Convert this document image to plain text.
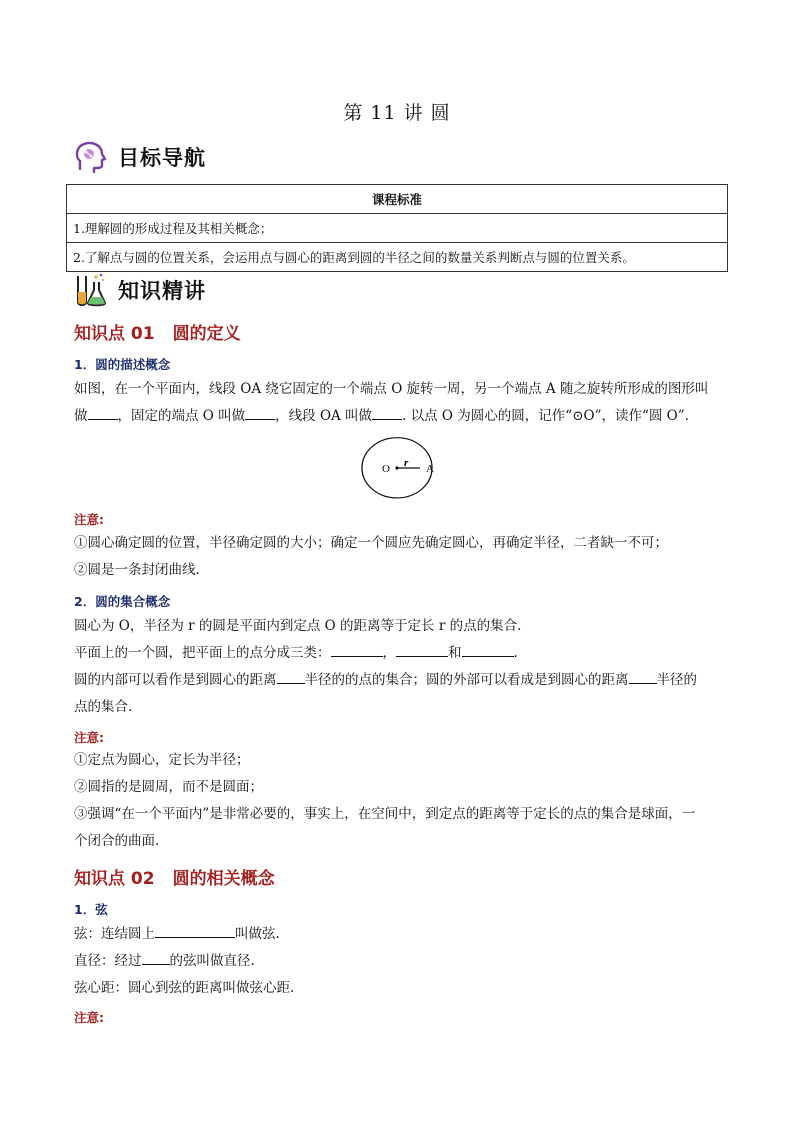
第 11 讲 圆
目标导航
课程标准
1.理解圆的形成过程及其相关概念；
2.了解点与圆的位置关系，会运用点与圆心的距离到圆的半径之间的数量关系判断点与圆的位置关系。
知识精讲
知识点 01 圆的定义
1．圆的描述概念
如图，在一个平面内，线段 OA 绕它固定的一个端点 O 旋转一周，另一个端点 A 随之旋转所形成的图形叫
做 ，固定的端点 O 叫做 ，线段 OA 叫做 . 以点 O 为圆心的圆，记作“⊙O”，读作“圆 O”.
O r A
注意:
①圆心确定圆的位置，半径确定圆的大小；确定一个圆应先确定圆心，再确定半径，二者缺一不可；
②圆是一条封闭曲线.
2．圆的集合概念
圆心为 O，半径为 r 的圆是平面内到定点 O 的距离等于定长 r 的点的集合.
平面上的一个圆，把平面上的点分成三类：	，	和	.
圆的内部可以看作是到圆心的距离 半径的的点的集合；圆的外部可以看成是到圆心的距离 半径的
点的集合.
注意:
①定点为圆心，定长为半径；
②圆指的是圆周，而不是圆面；
③强调“在一个平面内”是非常必要的，事实上，在空间中，到定点的距离等于定长的点的集合是球面，一
个闭合的曲面.
知识点 02 圆的相关概念
1．弦
弦：连结圆上	叫做弦.
直径：经过 的弦叫做直径.
弦心距：圆心到弦的距离叫做弦心距.
注意:
